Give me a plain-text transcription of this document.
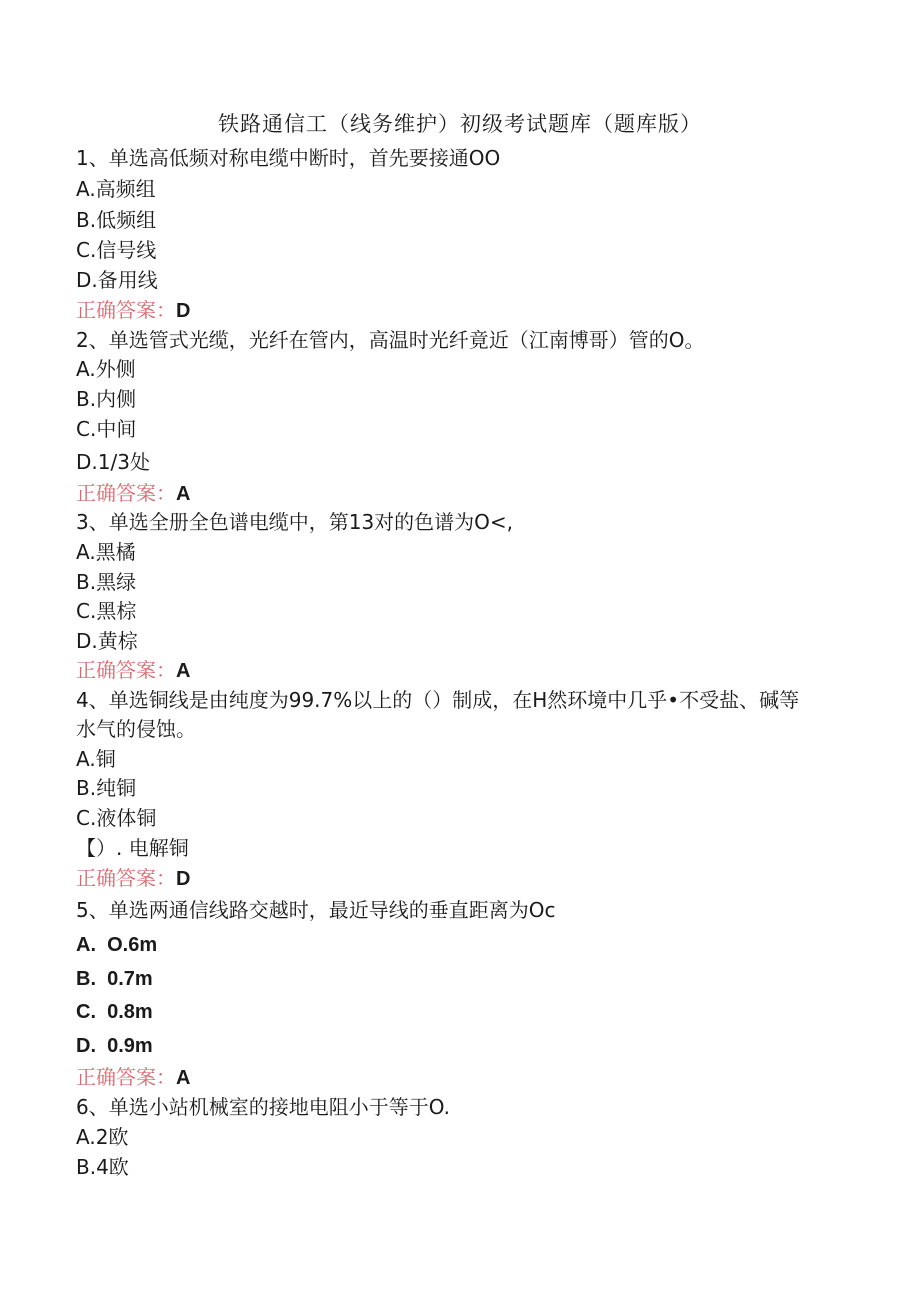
铁路通信工（线务维护）初级考试题库（题库版）
1、单选高低频对称电缆中断时，首先要接通OO
A.高频组
B.低频组
C.信号线
D.备用线
正确答案：D
2、单选管式光缆，光纤在管内，高温时光纤竟近（江南博哥）管的O。
A.外侧
B.内侧
C.中间
D.1/3处
正确答案：A
3、单选全册全色谱电缆中，第13对的色谱为O<,
A.黑橘
B.黑绿
C.黑棕
D.黄棕
正确答案：A
4、单选铜线是由纯度为99.7%以上的（）制成，在H然环境中几乎•不受盐、碱等
水气的侵蚀。
A.铜
B.纯铜
C.液体铜
【）. 电解铜
正确答案：D
5、单选两通信线路交越时，最近导线的垂直距离为Oc
A.  O.6m
B.  0.7m
C.  0.8m
D.  0.9m
正确答案：A
6、单选小站机械室的接地电阻小于等于O.
A.2欧
B.4欧
